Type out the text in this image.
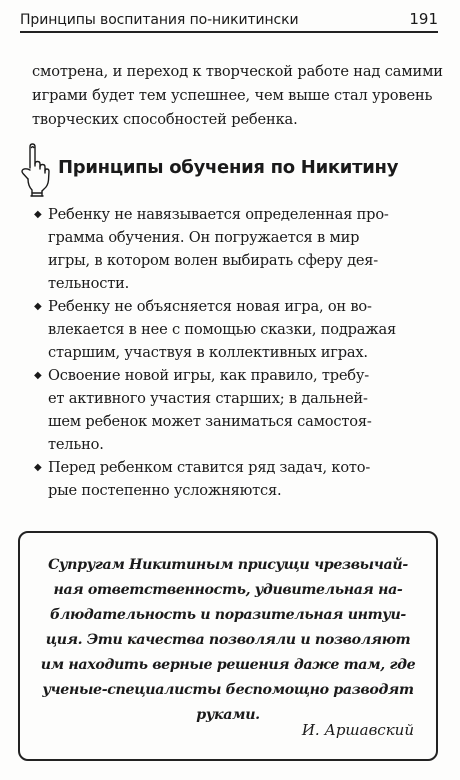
Принципы воспитания по-никитински	191

смотрена, и переход к творческой работе над самими
играми будет тем успешнее, чем выше стал уровень
творческих способностей ребенка.

Принципы обучения по Никитину
◆ Ребенку не навязывается определенная про-
грамма обучения. Он погружается в мир
игры, в котором волен выбирать сферу дея-
тельности.
◆ Ребенку не объясняется новая игра, он во-
влекается в нее с помощью сказки, подражая
старшим, участвуя в коллективных играх.
◆ Освоение новой игры, как правило, требу-
ет активного участия старших; в дальней-
шем ребенок может заниматься самостоя-
тельно.
◆ Перед ребенком ставится ряд задач, кото-
рые постепенно усложняются.

Супругам Никитиным присущи чрезвычай-
ная ответственность, удивительная на-
блюдательность и поразительная интуи-
ция. Эти качества позволяли и позволяют
им находить верные решения даже там, где
ученые-специалисты беспомощно разводят
руками.

И. Аршавский
